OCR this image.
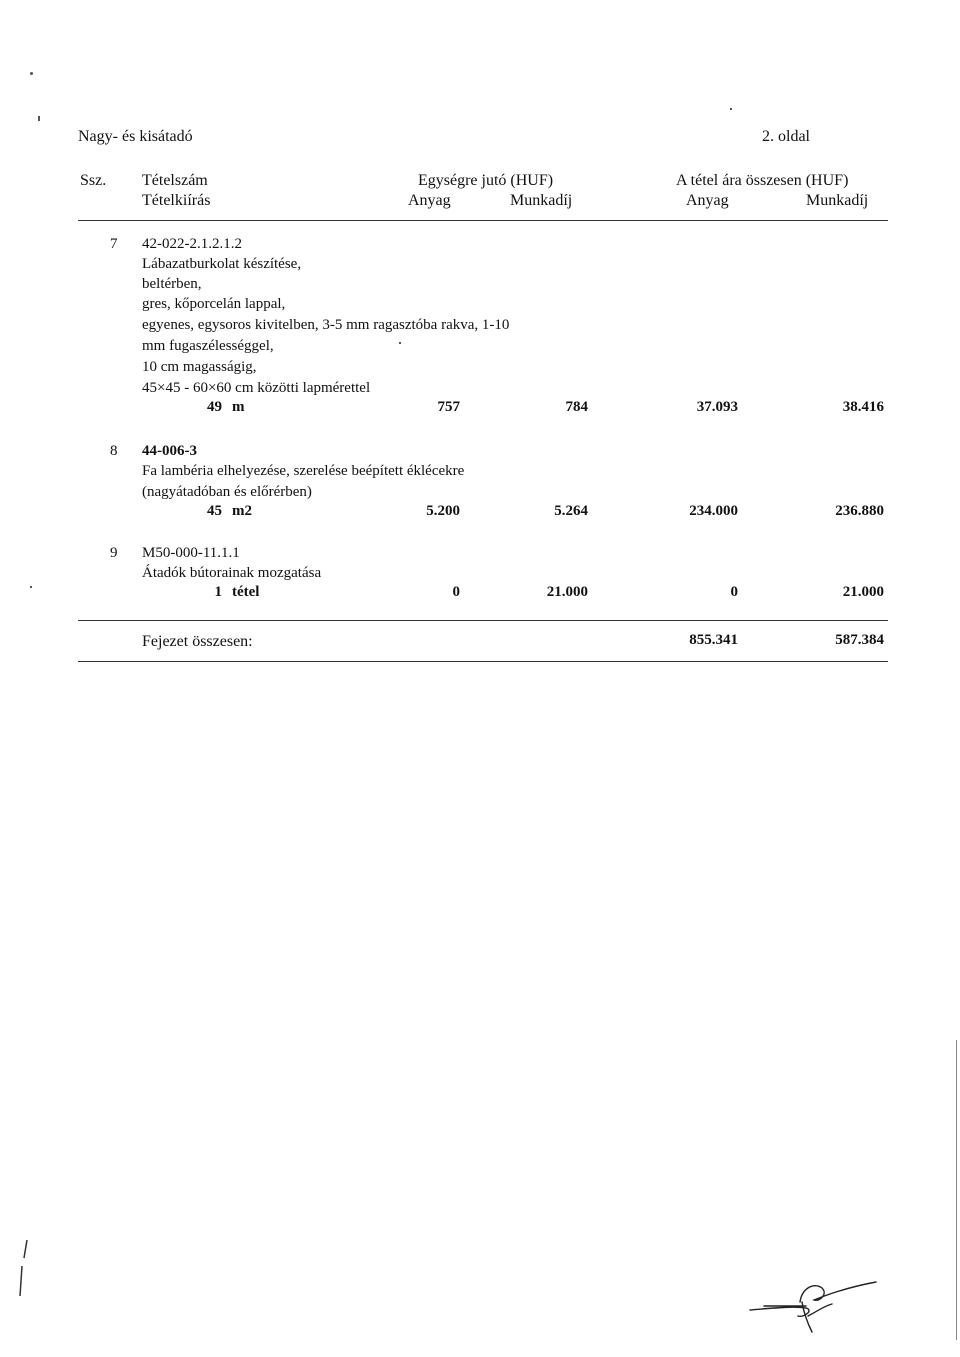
Nagy- és kisátadó	2. oldal
Ssz. Tételszám
Tételkiírás
Egységre jutó (HUF)	A tétel ára összesen (HUF)
Anyag	Munkadíj	Anyag	Munkadíj
7 42-022-2.1.2.1.2
Lábazatburkolat készítése,
beltérben,
gres, kőporcelán lappal,
egyenes, egysoros kivitelben, 3-5 mm ragasztóba rakva, 1-10
mm fugaszélességgel,
10 cm magasságig,
45×45 - 60×60 cm közötti lapmérettel
49 m	757	784	37.093	38.416
8 44-006-3
Fa lambéria elhelyezése, szerelése beépített éklécekre
(nagyátadóban és előrérben)
45 m2	5.200	5.264	234.000	236.880
9 M50-000-11.1.1
Átadók bútorainak mozgatása
1 tétel	0	21.000	0	21.000
Fejezet összesen:	855.341	587.384
